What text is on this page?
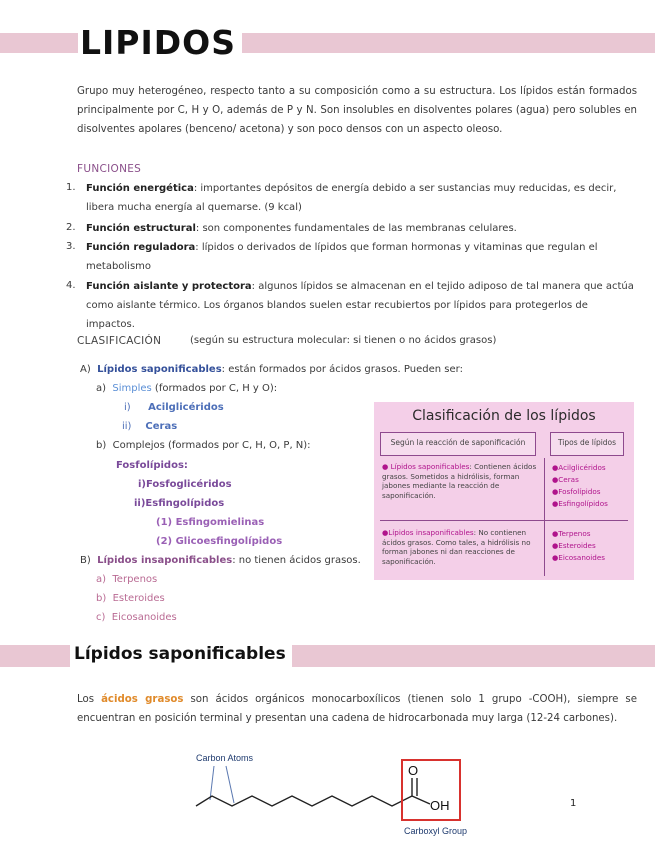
LIPIDOS
Grupo muy heterogéneo, respecto tanto a su composición como a su estructura. Los lípidos están formados principalmente por C, H y O, además de P y N. Son insolubles en disolventes polares (agua) pero solubles en disolventes apolares (benceno/ acetona) y son poco densos con un aspecto oleoso.
FUNCIONES
1. Función energética: importantes depósitos de energía debido a ser sustancias muy reducidas, es decir, libera mucha energía al quemarse. (9 kcal)
2. Función estructural: son componentes fundamentales de las membranas celulares.
3. Función reguladora: lípidos o derivados de lípidos que forman hormonas y vitaminas que regulan el metabolismo
4. Función aislante y protectora: algunos lípidos se almacenan en el tejido adiposo de tal manera que actúa como aislante térmico. Los órganos blandos suelen estar recubiertos por lípidos para protegerlos de impactos.
CLASIFICACIÓN	(según su estructura molecular: si tienen o no ácidos grasos)
A) Lípidos saponificables: están formados por ácidos grasos. Pueden ser:
a) Simples (formados por C, H y O):
i) Acilglicéridos
ii) Ceras
b) Complejos (formados por C, H, O, P, N):
Fosfolípidos:
i)Fosfoglicéridos
ii)Esfingolípidos
(1) Esfingomielinas
(2) Glicoesfingolípidos
B) Lípidos insaponificables: no tienen ácidos grasos.
a) Terpenos
b) Esteroides
c) Eicosanoides
Clasificación de los lípidos
Según la reacción de saponificación	Tipos de lípidos
● Lípidos saponificables: Contienen ácidos grasos. Sometidos a hidrólisis, forman jabones mediante la reacción de saponificación.
●Acilglicéridos
●Ceras
●Fosfolípidos
●Esfingolípidos
●Lípidos insaponificables: No contienen ácidos grasos. Como tales, a hidrólisis no forman jabones ni dan reacciones de saponificación.
●Terpenos
●Esteroides
●Eicosanoides
Lípidos saponificables
Los ácidos grasos son ácidos orgánicos monocarboxílicos (tienen solo 1 grupo -COOH), siempre se encuentran en posición terminal y presentan una cadena de hidrocarbonada muy larga (12-24 carbones).
Carbon Atoms
O
OH
Carboxyl Group
1
